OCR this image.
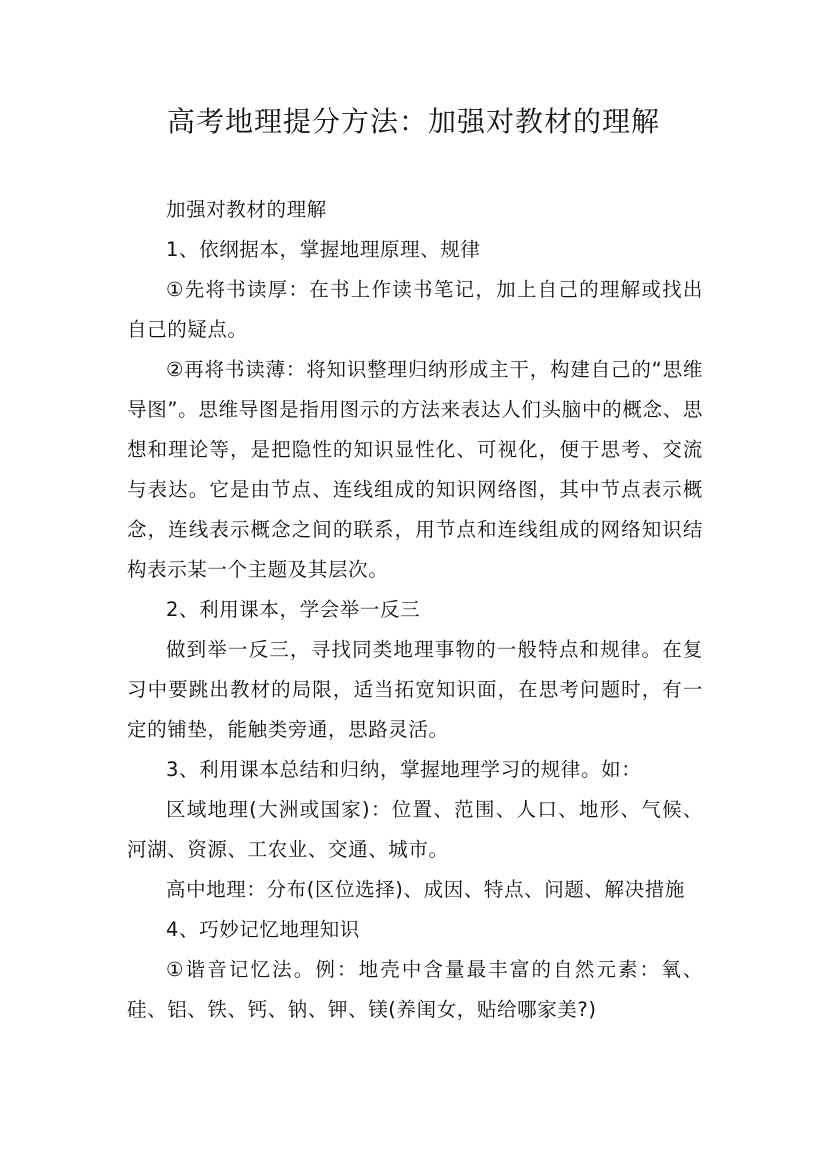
高考地理提分方法：加强对教材的理解

加强对教材的理解

1、依纲据本，掌握地理原理、规律

①先将书读厚：在书上作读书笔记，加上自己的理解或找出自己的疑点。

②再将书读薄：将知识整理归纳形成主干，构建自己的“思维导图”。思维导图是指用图示的方法来表达人们头脑中的概念、思想和理论等，是把隐性的知识显性化、可视化，便于思考、交流与表达。它是由节点、连线组成的知识网络图，其中节点表示概念，连线表示概念之间的联系，用节点和连线组成的网络知识结构表示某一个主题及其层次。

2、利用课本，学会举一反三

做到举一反三，寻找同类地理事物的一般特点和规律。在复习中要跳出教材的局限，适当拓宽知识面，在思考问题时，有一定的铺垫，能触类旁通，思路灵活。

3、利用课本总结和归纳，掌握地理学习的规律。如：

区域地理(大洲或国家)：位置、范围、人口、地形、气候、河湖、资源、工农业、交通、城市。

高中地理：分布(区位选择)、成因、特点、问题、解决措施

4、巧妙记忆地理知识

①谐音记忆法。例：地壳中含量最丰富的自然元素：氧、硅、铝、铁、钙、钠、钾、镁(养闺女，贴给哪家美?)
